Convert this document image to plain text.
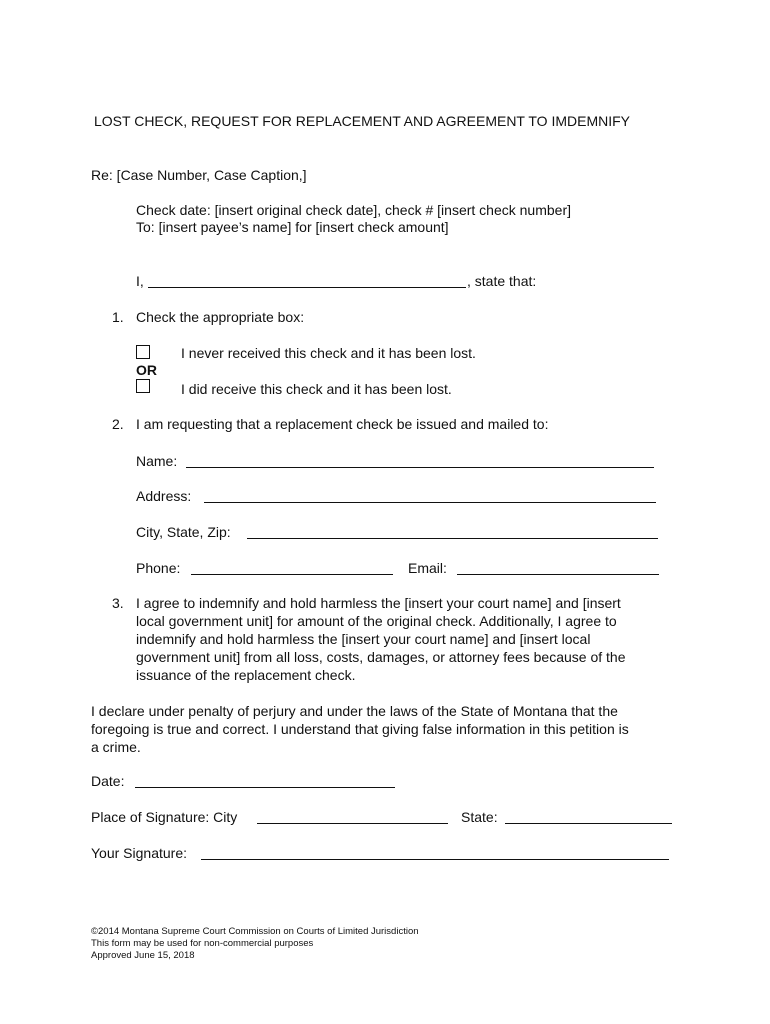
LOST CHECK, REQUEST FOR REPLACEMENT AND AGREEMENT TO IMDEMNIFY
Re: [Case Number, Case Caption,]
Check date: [insert original check date], check # [insert check number]
To: [insert payee’s name] for [insert check amount]
I,	, state that:
1. Check the appropriate box:
I never received this check and it has been lost.
OR
I did receive this check and it has been lost.
2. I am requesting that a replacement check be issued and mailed to:
Name:
Address:
City, State, Zip:
Phone:	Email:
3. I agree to indemnify and hold harmless the [insert your court name] and [insert
local government unit] for amount of the original check. Additionally, I agree to
indemnify and hold harmless the [insert your court name] and [insert local
government unit] from all loss, costs, damages, or attorney fees because of the
issuance of the replacement check.
I declare under penalty of perjury and under the laws of the State of Montana that the
foregoing is true and correct. I understand that giving false information in this petition is
a crime.
Date:
Place of Signature: City	State:
Your Signature:
©2014 Montana Supreme Court Commission on Courts of Limited Jurisdiction
This form may be used for non-commercial purposes
Approved June 15, 2018
